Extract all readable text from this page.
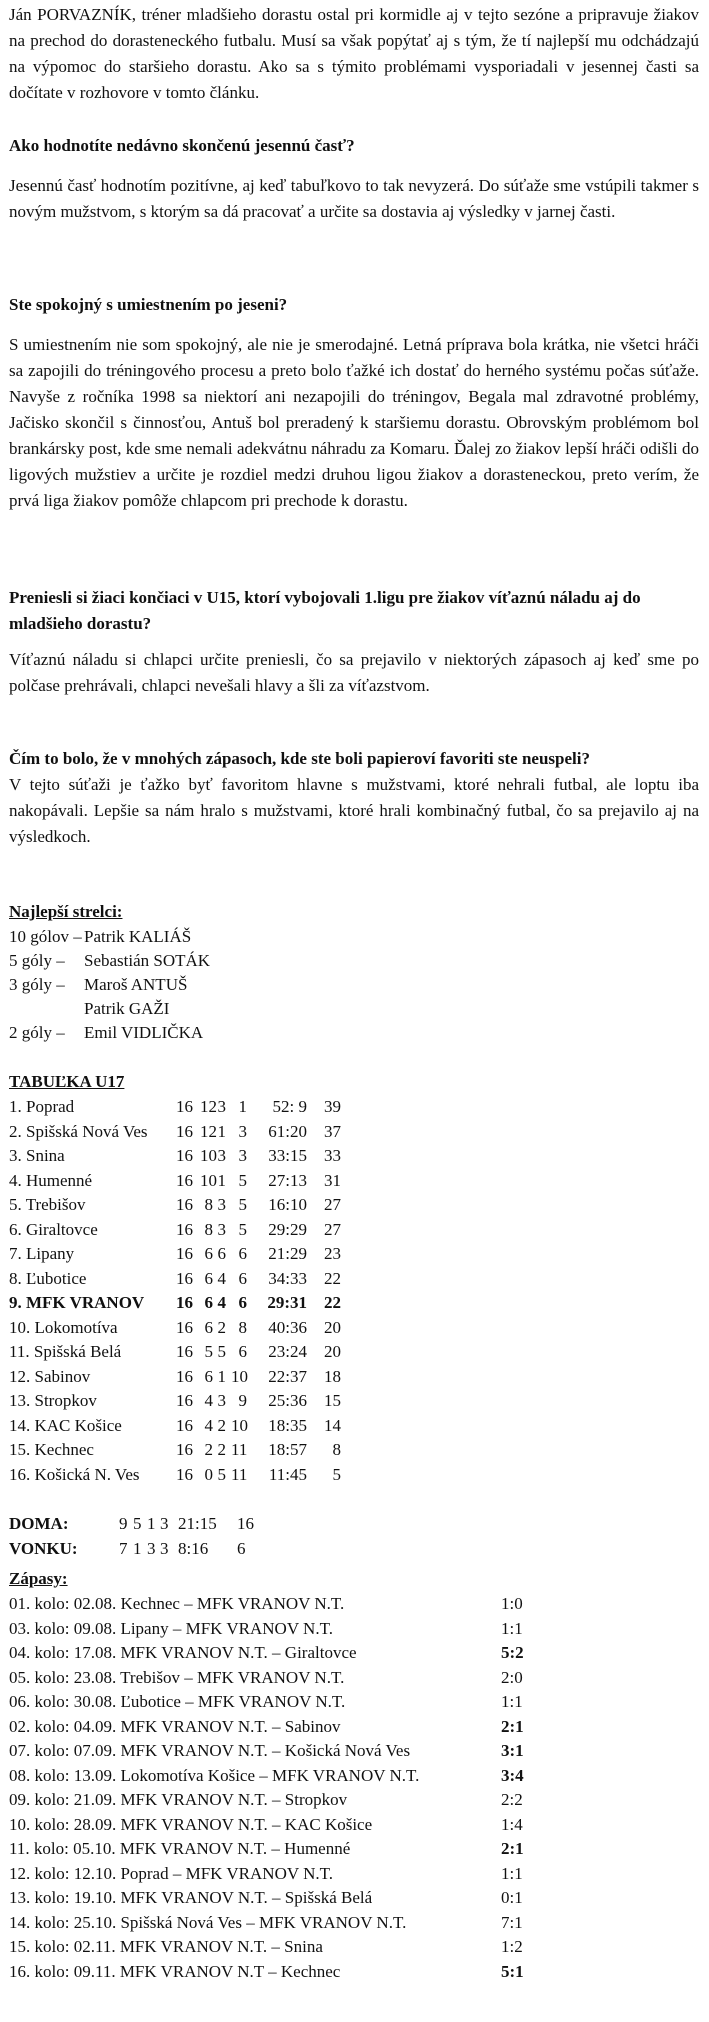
Ján PORVAZNÍK, tréner mladšieho dorastu ostal pri kormidle aj v tejto sezóne a pripravuje žiakov na prechod do dorasteneckého futbalu. Musí sa však popýtať aj s tým, že tí najlepší mu odchádzajú na výpomoc do staršieho dorastu. Ako sa s týmito problémami vysporiadali v jesennej časti sa dočítate v rozhovore v tomto článku.

Ako hodnotíte nedávno skončenú jesennú časť?

Jesennú časť hodnotím pozitívne, aj keď tabuľkovo to tak nevyzerá. Do súťaže sme vstúpili takmer s novým mužstvom, s ktorým sa dá pracovať a určite sa dostavia aj výsledky v jarnej časti.

Ste spokojný s umiestnením po jeseni?

S umiestnením nie som spokojný, ale nie je smerodajné. Letná príprava bola krátka, nie všetci hráči sa zapojili do tréningového procesu a preto bolo ťažké ich dostať do herného systému počas súťaže. Navyše z ročníka 1998 sa niektorí ani nezapojili do tréningov, Begala mal zdravotné problémy, Jačisko skončil s činnosťou, Antuš bol preradený k staršiemu dorastu. Obrovským problémom bol brankársky post, kde sme nemali adekvátnu náhradu za Komaru. Ďalej zo žiakov lepší hráči odišli do ligových mužstiev a určite je rozdiel medzi druhou ligou žiakov a dorasteneckou, preto verím, že prvá liga žiakov pomôže chlapcom pri prechode k dorastu.

Preniesli si žiaci končiaci v U15, ktorí vybojovali 1.ligu pre žiakov víťaznú náladu aj do mladšieho dorastu?

Víťaznú náladu si chlapci určite preniesli, čo sa prejavilo v niektorých zápasoch aj keď sme po polčase prehrávali, chlapci nevešali hlavy a šli za víťazstvom.

Čím to bolo, že v mnohých zápasoch, kde ste boli papieroví favoriti ste neuspeli?

V tejto súťaži je ťažko byť favoritom hlavne s mužstvami, ktoré nehrali futbal, ale loptu iba nakopávali. Lepšie sa nám hralo s mužstvami, ktoré hrali kombinačný futbal, čo sa prejavilo aj na výsledkoch.

Najlepší strelci:

10 gólov – Patrik KALIÁŠ
5 góly –	Sebastián SOTÁK
3 góly –	Maroš ANTUŠ
Patrik GAŽI
2 góly –	Emil VIDLIČKA

TABUĽKA U17

1. Poprad	16 12 3 1	52: 9	39
2. Spišská Nová Ves 16 12 1 3	61:20	37
3. Snina	16 10 3 3	33:15	33
4. Humenné	16 10 1 5	27:13	31
5. Trebišov	16 8 3 5	16:10	27
6. Giraltovce	16 8 3 5	29:29	27
7. Lipany	16 6 6 6	21:29	23
8. Ľubotice	16 6 4 6	34:33	22
9. MFK VRANOV 16 6 4 6	29:31	22
10. Lokomotíva	16 6 2 8	40:36	20
11. Spišská Belá	16 5 5 6	23:24	20
12. Sabinov	16 6 1 10	22:37	18
13. Stropkov	16 4 3 9	25:36	15
14. KAC Košice	16 4 2 10	18:35	14
15. Kechnec	16 2 2 11	18:57	8
16. Košická N. Ves 16 0 5 11	11:45	5
DOMA:	9 5 1 3 21:15 16
VONKU: 7 1 3 3 8:16 6

Zápasy:

01. kolo: 02.08. Kechnec – MFK VRANOV N.T.	1:0
03. kolo: 09.08. Lipany – MFK VRANOV N.T.	1:1
04. kolo: 17.08. MFK VRANOV N.T. – Giraltovce	5:2
05. kolo: 23.08. Trebišov – MFK VRANOV N.T.	2:0
06. kolo: 30.08. Ľubotice – MFK VRANOV N.T.	1:1
02. kolo: 04.09. MFK VRANOV N.T. – Sabinov	2:1
07. kolo: 07.09. MFK VRANOV N.T. – Košická Nová Ves	3:1
08. kolo: 13.09. Lokomotíva Košice – MFK VRANOV N.T.	3:4
09. kolo: 21.09. MFK VRANOV N.T. – Stropkov	2:2
10. kolo: 28.09. MFK VRANOV N.T. – KAC Košice	1:4
11. kolo: 05.10. MFK VRANOV N.T. – Humenné	2:1
12. kolo: 12.10. Poprad – MFK VRANOV N.T.	1:1
13. kolo: 19.10. MFK VRANOV N.T. – Spišská Belá	0:1
14. kolo: 25.10. Spišská Nová Ves – MFK VRANOV N.T.	7:1
15. kolo: 02.11. MFK VRANOV N.T. – Snina	1:2
16. kolo: 09.11. MFK VRANOV N.T – Kechnec	5:1
